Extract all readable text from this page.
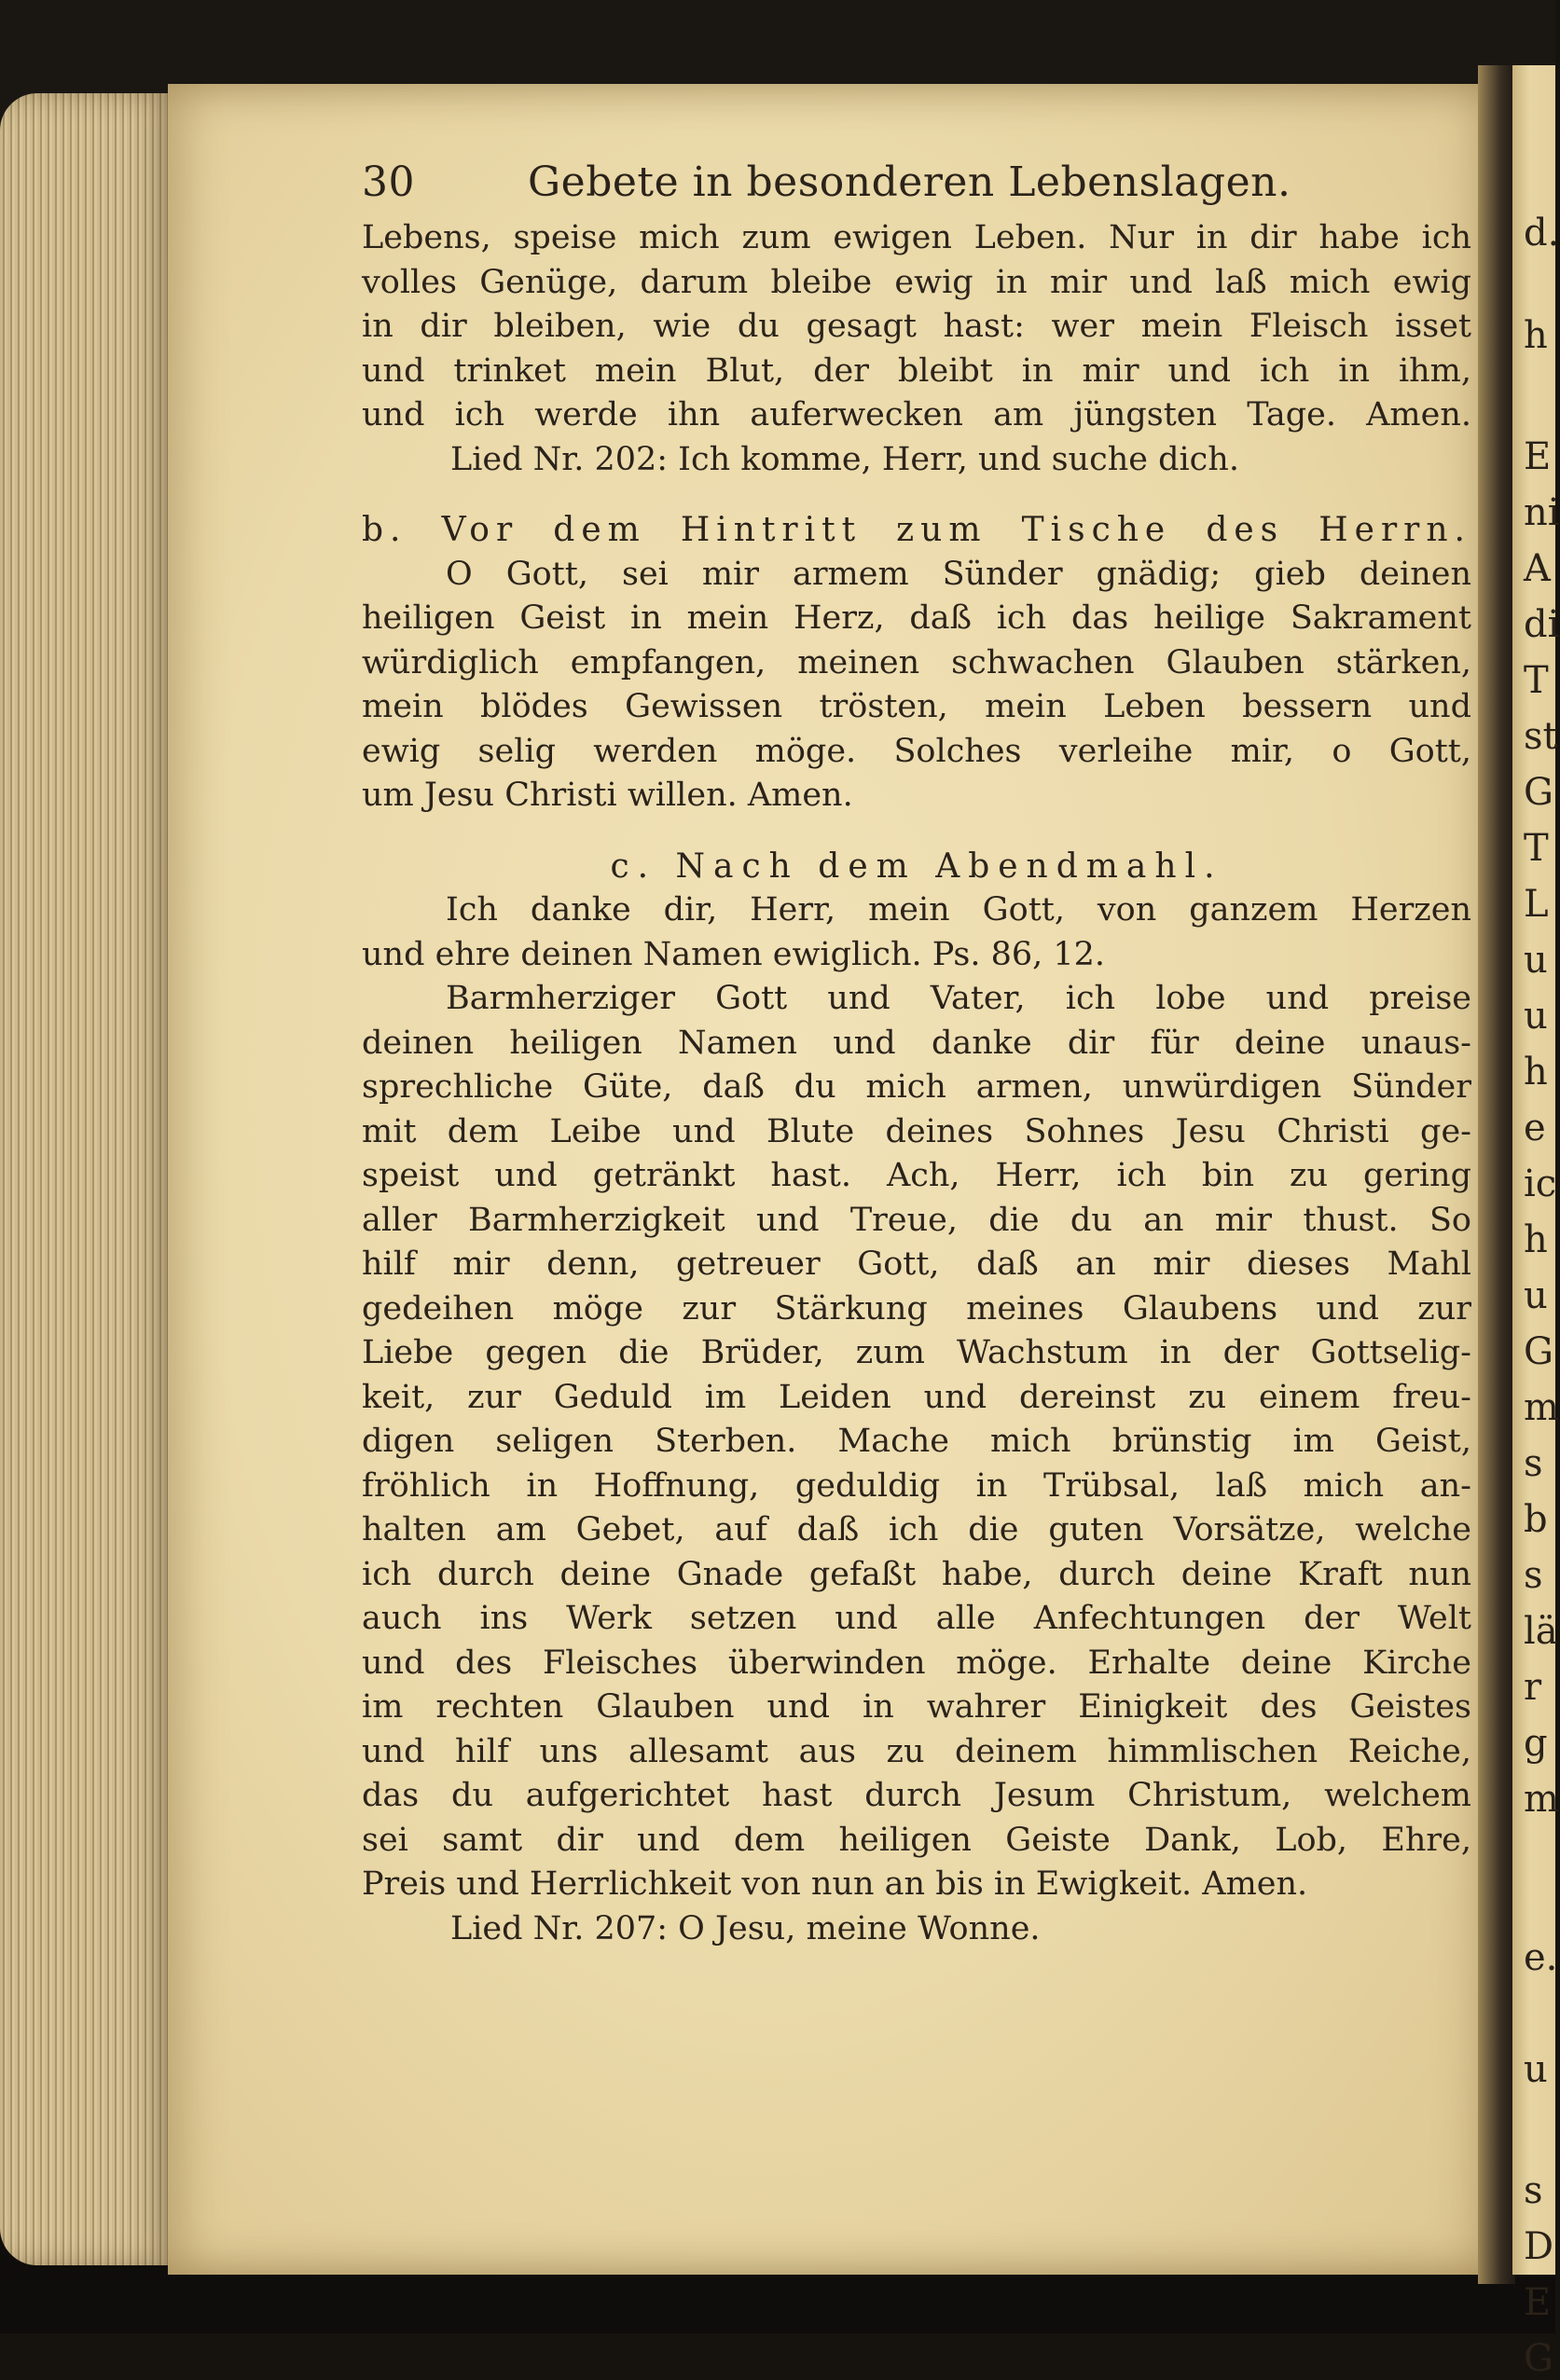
d.
h
E
ni
A
di
T
st
G
T
L
u
u
h
e
ic
h
u
G
m
s
b
s
lä
r
g
m
e.
u
s
D
E
G
30	Gebete in besonderen Lebenslagen.
Lebens, speise mich zum ewigen Leben. Nur in dir habe ich
volles Genüge, darum bleibe ewig in mir und laß mich ewig
in dir bleiben, wie du gesagt hast: wer mein Fleisch isset
und trinket mein Blut, der bleibt in mir und ich in ihm,
und ich werde ihn auferwecken am jüngsten Tage. Amen.
Lied Nr. 202: Ich komme, Herr, und suche dich.
b. Vor dem Hintritt zum Tische des Herrn.
O Gott, sei mir armem Sünder gnädig; gieb deinen
heiligen Geist in mein Herz, daß ich das heilige Sakrament
würdiglich empfangen, meinen schwachen Glauben stärken,
mein blödes Gewissen trösten, mein Leben bessern und
ewig selig werden möge. Solches verleihe mir, o Gott,
um Jesu Christi willen. Amen.
c. Nach dem Abendmahl.
Ich danke dir, Herr, mein Gott, von ganzem Herzen
und ehre deinen Namen ewiglich. Ps. 86, 12.
Barmherziger Gott und Vater, ich lobe und preise
deinen heiligen Namen und danke dir für deine unaus-
sprechliche Güte, daß du mich armen, unwürdigen Sünder
mit dem Leibe und Blute deines Sohnes Jesu Christi ge-
speist und getränkt hast. Ach, Herr, ich bin zu gering
aller Barmherzigkeit und Treue, die du an mir thust. So
hilf mir denn, getreuer Gott, daß an mir dieses Mahl
gedeihen möge zur Stärkung meines Glaubens und zur
Liebe gegen die Brüder, zum Wachstum in der Gottselig-
keit, zur Geduld im Leiden und dereinst zu einem freu-
digen seligen Sterben. Mache mich brünstig im Geist,
fröhlich in Hoffnung, geduldig in Trübsal, laß mich an-
halten am Gebet, auf daß ich die guten Vorsätze, welche
ich durch deine Gnade gefaßt habe, durch deine Kraft nun
auch ins Werk setzen und alle Anfechtungen der Welt
und des Fleisches überwinden möge. Erhalte deine Kirche
im rechten Glauben und in wahrer Einigkeit des Geistes
und hilf uns allesamt aus zu deinem himmlischen Reiche,
das du aufgerichtet hast durch Jesum Christum, welchem
sei samt dir und dem heiligen Geiste Dank, Lob, Ehre,
Preis und Herrlichkeit von nun an bis in Ewigkeit. Amen.
Lied Nr. 207: O Jesu, meine Wonne.
